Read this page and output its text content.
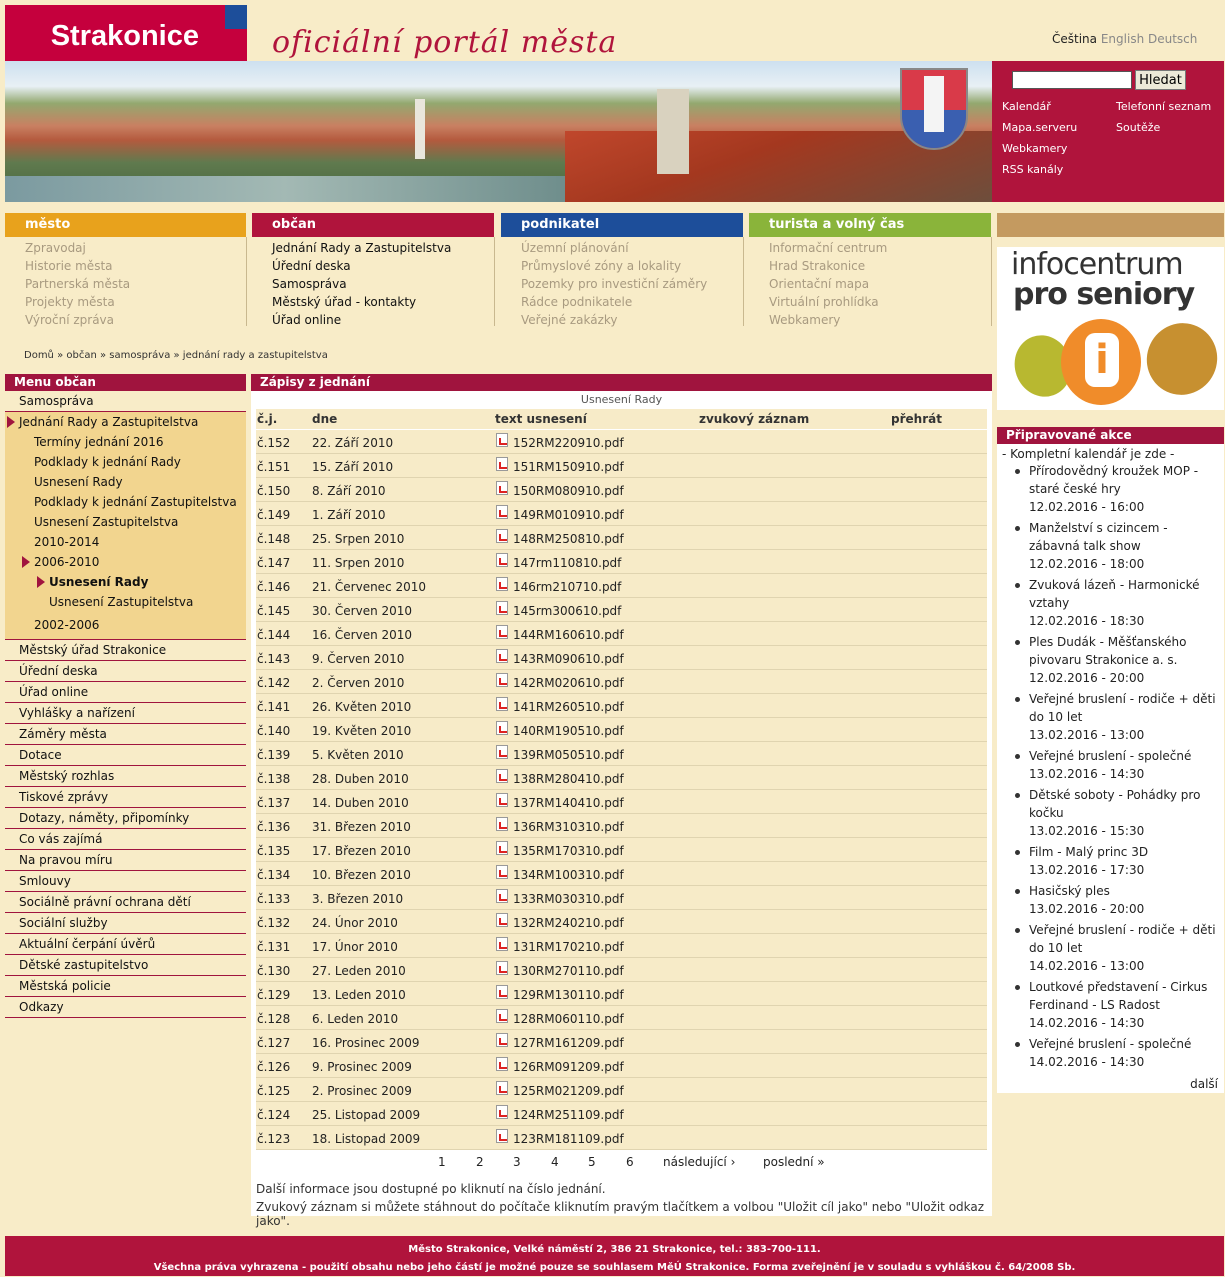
Strakonice	oficiální portál města	Čeština English Deutsch
Hledat
Kalendář	Telefonní seznam
Mapa.serveru	Soutěže
Webkamery
RSS kanály
město
Zpravodaj
Historie města
Partnerská města
Projekty města
Výroční zpráva
občan
Jednání Rady a Zastupitelstva
Úřední deska
Samospráva
Městský úřad - kontakty
Úřad online
podnikatel
Územní plánování
Průmyslové zóny a lokality
Pozemky pro investiční záměry
Rádce podnikatele
Veřejné zakázky
turista a volný čas
Informační centrum
Hrad Strakonice
Orientační mapa
Virtuální prohlídka
Webkamery
Domů » občan » samospráva » jednání rady a zastupitelstva
Menu občan
Samospráva
Jednání Rady a Zastupitelstva
Termíny jednání 2016
Podklady k jednání Rady
Usnesení Rady
Podklady k jednání Zastupitelstva
Usnesení Zastupitelstva
2010-2014
2006-2010
Usnesení Rady
Usnesení Zastupitelstva
2002-2006
Městský úřad Strakonice
Úřední deska
Úřad online
Vyhlášky a nařízení
Záměry města
Dotace
Městský rozhlas
Tiskové zprávy
Dotazy, náměty, připomínky
Co vás zajímá
Na pravou míru
Smlouvy
Sociálně právní ochrana dětí
Sociální služby
Aktuální čerpání úvěrů
Dětské zastupitelstvo
Městská policie
Odkazy
Zápisy z jednání
Usnesení Rady
č.j.	dne	text usnesení	zvukový záznam	přehrát
č.152 22. Září 2010	152RM220910.pdf
č.151 15. Září 2010	151RM150910.pdf
č.150 8. Září 2010	150RM080910.pdf
č.149 1. Září 2010	149RM010910.pdf
č.148 25. Srpen 2010	148RM250810.pdf
č.147 11. Srpen 2010	147rm110810.pdf
č.146 21. Červenec 2010	146rm210710.pdf
č.145 30. Červen 2010	145rm300610.pdf
č.144 16. Červen 2010	144RM160610.pdf
č.143 9. Červen 2010	143RM090610.pdf
č.142 2. Červen 2010	142RM020610.pdf
č.141 26. Květen 2010	141RM260510.pdf
č.140 19. Květen 2010	140RM190510.pdf
č.139 5. Květen 2010	139RM050510.pdf
č.138 28. Duben 2010	138RM280410.pdf
č.137 14. Duben 2010	137RM140410.pdf
č.136 31. Březen 2010	136RM310310.pdf
č.135 17. Březen 2010	135RM170310.pdf
č.134 10. Březen 2010	134RM100310.pdf
č.133 3. Březen 2010	133RM030310.pdf
č.132 24. Únor 2010	132RM240210.pdf
č.131 17. Únor 2010	131RM170210.pdf
č.130 27. Leden 2010	130RM270110.pdf
č.129 13. Leden 2010	129RM130110.pdf
č.128 6. Leden 2010	128RM060110.pdf
č.127 16. Prosinec 2009	127RM161209.pdf
č.126 9. Prosinec 2009	126RM091209.pdf
č.125 2. Prosinec 2009	125RM021209.pdf
č.124 25. Listopad 2009	124RM251109.pdf
č.123 18. Listopad 2009	123RM181109.pdf
1	2 3	4 5	6 následující › poslední »
Další informace jsou dostupné po kliknutí na číslo jednání.
Zvukový záznam si můžete stáhnout do počítače kliknutím pravým tlačítkem a volbou "Uložit cíl jako" nebo "Uložit odkaz jako".
infocentrum
pro seniory
i
Připravované akce
- Kompletní kalendář je zde -
Přírodovědný kroužek MOP - staré české hry
12.02.2016 - 16:00
Manželství s cizincem - zábavná talk show
12.02.2016 - 18:00
Zvuková lázeň - Harmonické vztahy
12.02.2016 - 18:30
Ples Dudák - Měšťanského pivovaru Strakonice a. s.
12.02.2016 - 20:00
Veřejné bruslení - rodiče + děti do 10 let
13.02.2016 - 13:00
Veřejné bruslení - společné
13.02.2016 - 14:30
Dětské soboty - Pohádky pro kočku
13.02.2016 - 15:30
Film - Malý princ 3D
13.02.2016 - 17:30
Hasičský ples
13.02.2016 - 20:00
Veřejné bruslení - rodiče + děti do 10 let
14.02.2016 - 13:00
Loutkové představení - Cirkus Ferdinand - LS Radost
14.02.2016 - 14:30
Veřejné bruslení - společné
14.02.2016 - 14:30
další
Město Strakonice, Velké náměstí 2, 386 21 Strakonice, tel.: 383-700-111.
Všechna práva vyhrazena - použití obsahu nebo jeho částí je možné pouze se souhlasem MěÚ Strakonice. Forma zveřejnění je v souladu s vyhláškou č. 64/2008 Sb.
